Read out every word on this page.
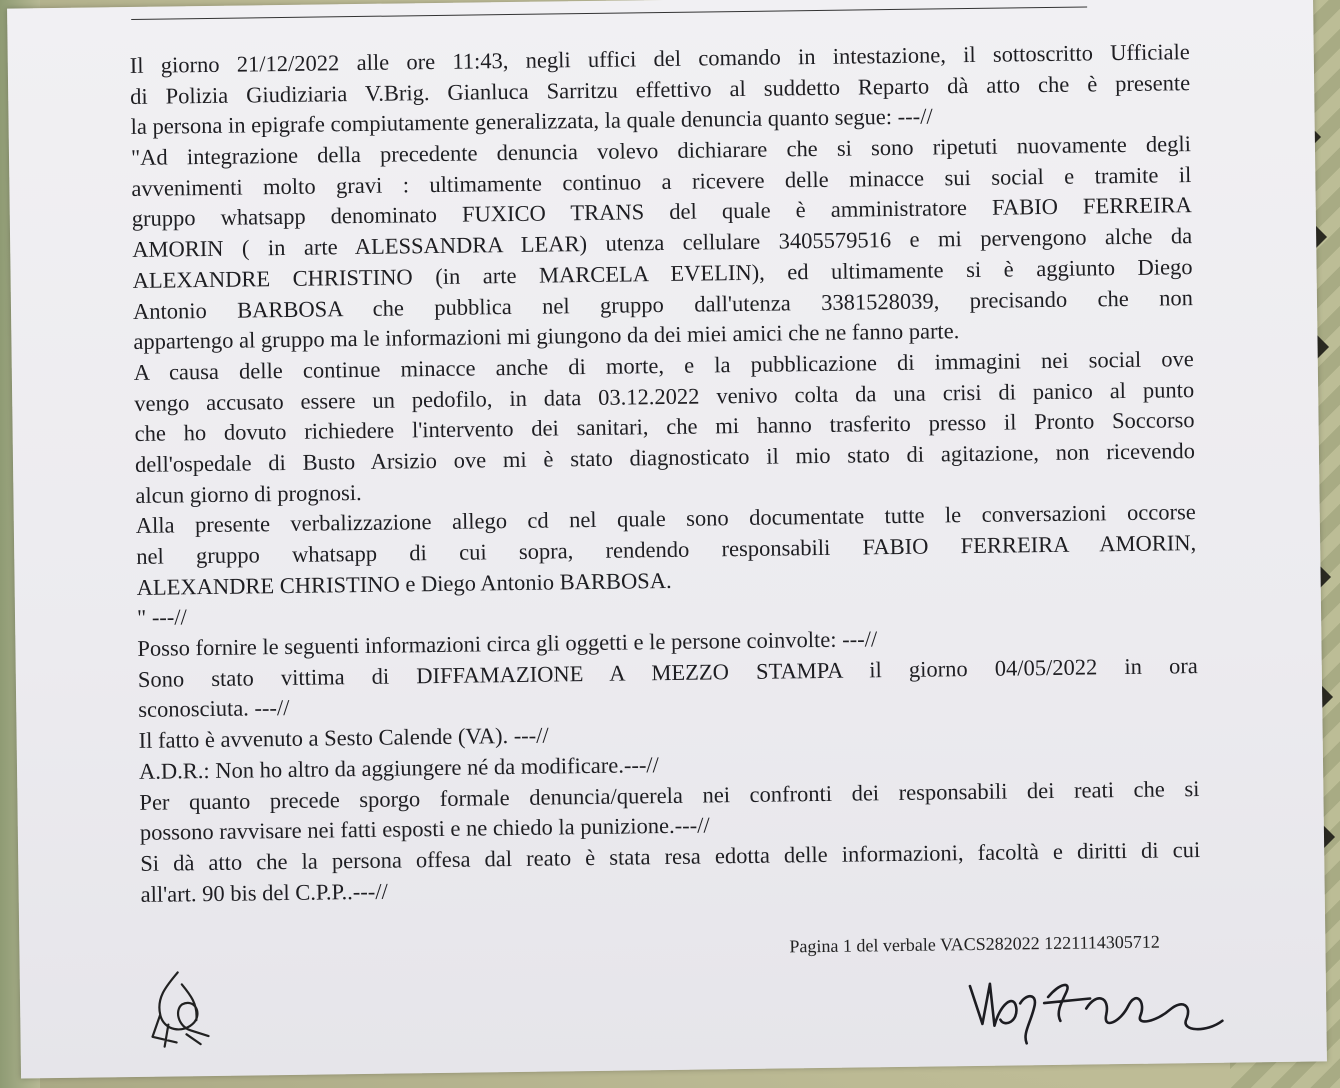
Il giorno 21/12/2022 alle ore 11:43, negli uffici del comando in intestazione, il sottoscritto Ufficiale
di Polizia Giudiziaria V.Brig. Gianluca Sarritzu effettivo al suddetto Reparto dà atto che è presente
la persona in epigrafe compiutamente generalizzata, la quale denuncia quanto segue: ---//
"Ad integrazione della precedente denuncia volevo dichiarare che si sono ripetuti nuovamente degli
avvenimenti molto gravi : ultimamente continuo a ricevere delle minacce sui social e tramite il
gruppo whatsapp denominato FUXICO TRANS del quale è amministratore FABIO FERREIRA
AMORIN ( in arte ALESSANDRA LEAR) utenza cellulare 3405579516 e mi pervengono alche da
ALEXANDRE CHRISTINO (in arte MARCELA EVELIN), ed ultimamente si è aggiunto Diego
Antonio BARBOSA che pubblica nel gruppo dall'utenza 3381528039, precisando che non
appartengo al gruppo ma le informazioni mi giungono da dei miei amici che ne fanno parte.
A causa delle continue minacce anche di morte, e la pubblicazione di immagini nei social ove
vengo accusato essere un pedofilo, in data 03.12.2022 venivo colta da una crisi di panico al punto
che ho dovuto richiedere l'intervento dei sanitari, che mi hanno trasferito presso il Pronto Soccorso
dell'ospedale di Busto Arsizio ove mi è stato diagnosticato il mio stato di agitazione, non ricevendo
alcun giorno di prognosi.
Alla presente verbalizzazione allego cd nel quale sono documentate tutte le conversazioni occorse
nel gruppo whatsapp di cui sopra, rendendo responsabili FABIO FERREIRA AMORIN,
ALEXANDRE CHRISTINO e Diego Antonio BARBOSA.
" ---//
Posso fornire le seguenti informazioni circa gli oggetti e le persone coinvolte: ---//
Sono stato vittima di DIFFAMAZIONE A MEZZO STAMPA il giorno 04/05/2022 in ora
sconosciuta. ---//
Il fatto è avvenuto a Sesto Calende (VA). ---//
A.D.R.: Non ho altro da aggiungere né da modificare.---//
Per quanto precede sporgo formale denuncia/querela nei confronti dei responsabili dei reati che si
possono ravvisare nei fatti esposti e ne chiedo la punizione.---//
Si dà atto che la persona offesa dal reato è stata resa edotta delle informazioni, facoltà e diritti di cui
all'art. 90 bis del C.P.P..---//
Pagina 1 del verbale VACS282022 1221114305712
